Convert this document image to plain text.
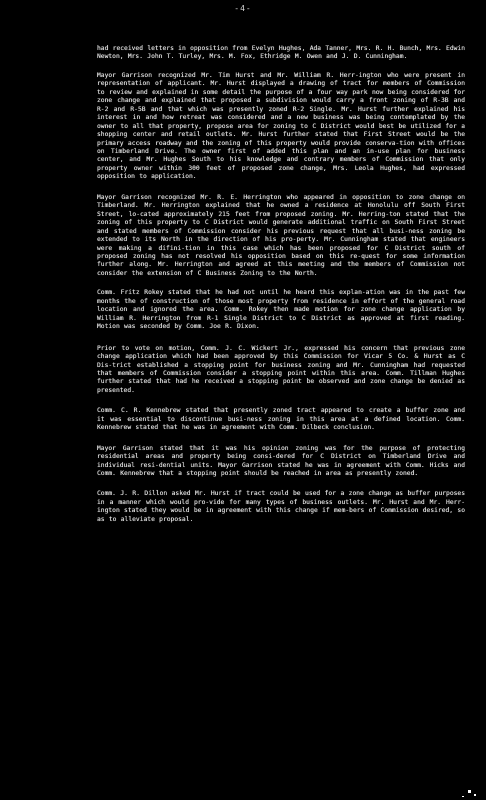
-4-

had received letters in opposition from Evelyn Hughes, Ada Tanner, Mrs. R. H. Bunch, Mrs. Edwin Newton, Mrs. John T. Turley, Mrs. M. Fox, Ethridge M. Owen and J. D. Cunningham.

Mayor Garrison recognized Mr. Tim Hurst and Mr. William R. Herr-ington who were present in representation of applicant. Mr. Hurst displayed a drawing of tract for members of Commission to review and explained in some detail the purpose of a four way park now being considered for zone change and explained that proposed a subdivision would carry a front zoning of R-3B and R-2 and R-5B and that which was presently zoned R-2 Single. Mr. Hurst further explained his interest in and how retreat was considered and a new business was being contemplated by the owner to all that property, propose area for zoning to C District would best be utilized for a shopping center and retail outlets. Mr. Hurst further stated that First Street would be the primary access roadway and the zoning of this property would provide conserva-tion with offices on Timberland Drive. The owner first of added this plan and an in-use plan for business center, and Mr. Hughes South to his knowledge and contrary members of Commission that only property owner within 300 feet of proposed zone change, Mrs. Leola Hughes, had expressed opposition to application.

Mayor Garrison recognized Mr. R. E. Herrington who appeared in opposition to zone change on Timberland. Mr. Herrington explained that he owned a residence at Honolulu off South First Street, lo-cated approximately 215 feet from proposed zoning. Mr. Herring-ton stated that the zoning of this property to C District would generate additional traffic on South First Street and stated members of Commission consider his previous request that all busi-ness zoning be extended to its North in the direction of his pro-perty. Mr. Cunningham stated that engineers were making a difini-tion in this case which has been proposed for C District south of proposed zoning has not resolved his opposition based on this re-quest for some information further along. Mr. Herrington and agreed at this meeting and the members of Commission not consider the extension of C Business Zoning to the North.

Comm. Fritz Rokey stated that he had not until he heard this explan-ation was in the past few months the of construction of those most property from residence in effort of the general road location and ignored the area. Comm. Rokey then made motion for zone change application by William R. Herrington from R-1 Single District to C District as approved at first reading. Motion was seconded by Comm. Joe R. Dixon.

Prior to vote on motion, Comm. J. C. Wickert Jr., expressed his concern that previous zone change application which had been approved by this Commission for Vicar 5 Co. & Hurst as C Dis-trict established a stopping point for business zoning and Mr. Cunningham had requested that members of Commission consider a stopping point within this area. Comm. Tillman Hughes further stated that had he received a stopping point be observed and zone change be denied as presented.

Comm. C. R. Kennebrew stated that presently zoned tract appeared to create a buffer zone and it was essential to discontinue busi-ness zoning in this area at a defined location. Comm. Kennebrew stated that he was in agreement with Comm. Dilbeck conclusion.

Mayor Garrison stated that it was his opinion zoning was for the purpose of protecting residential areas and property being consi-dered for C District on Timberland Drive and individual resi-dential units. Mayor Garrison stated he was in agreement with Comm. Hicks and Comm. Kennebrew that a stopping point should be reached in area as presently zoned.

Comm. J. R. Dillon asked Mr. Hurst if tract could be used for a zone change as buffer purposes in a manner which would pro-vide for many types of business outlets. Mr. Hurst and Mr. Herr-ington stated they would be in agreement with this change if mem-bers of Commission desired, so as to alleviate proposal.
